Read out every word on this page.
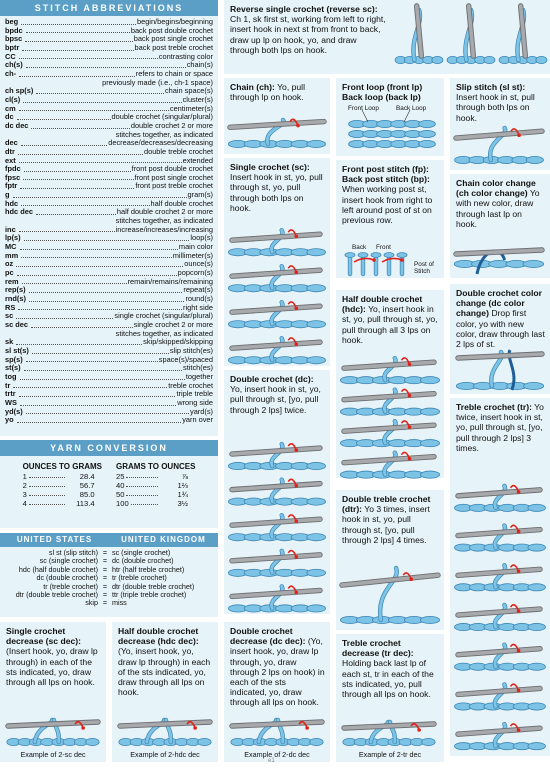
STITCH ABBREVIATIONS
beg	begin/begins/beginning
bpdc	back post double crochet
bpsc	back post single crochet
bptr	back post treble crochet
CC	contrasting color
ch(s)	chain(s)
ch-	refers to chain or space
previously made (i.e., ch-1 space)
ch sp(s)	chain space(s)
cl(s)	cluster(s)
cm	centimeter(s)
dc	double crochet (singular/plural)
dc dec	double crochet 2 or more
stitches together, as indicated
dec	decrease/decreases/decreasing
dtr	double treble crochet
ext	extended
fpdc	front post double crochet
fpsc	front post single crochet
fptr	front post treble crochet
g	gram(s)
hdc	half double crochet
hdc dec	half double crochet 2 or more
stitches together, as indicated
inc	increase/increases/increasing
lp(s)	loop(s)
MC	main color
mm	millimeter(s)
oz	ounce(s)
pc	popcorn(s)
rem	remain/remains/remaining
rep(s)	repeat(s)
rnd(s)	round(s)
RS	right side
sc	single crochet (singular/plural)
sc dec	single crochet 2 or more
stitches together, as indicated
sk	skip/skipped/skipping
sl st(s)	slip stitch(es)
sp(s)	space(s)/spaced
st(s)	stitch(es)
tog	together
tr	treble crochet
trtr	triple treble
WS	wrong side
yd(s)	yard(s)
yo	yarn over
YARN CONVERSION
OUNCES TO GRAMS
1	28.4
2	56.7
3	85.0
4	113.4
GRAMS TO OUNCES
25	⅞
40	1⅔
50	1¾
100	3½
UNITED STATES	UNITED KINGDOM
sl st (slip stitch) = sc (single crochet)
sc (single crochet) = dc (double crochet)
hdc (half double crochet) = htr (half treble crochet)
dc (double crochet) = tr (treble crochet)
tr (treble crochet) = dtr (double treble crochet)
dtr (double treble crochet) = ttr (triple treble crochet)
skip = miss
Reverse single crochet (reverse sc): Ch 1, sk first st, working from left to right, insert hook in next st from front to back, draw up lp on hook, yo, and draw through both lps on hook.
Chain (ch): Yo, pull through lp on hook.
Front loop (front lp) Back loop (back lp)
Front Loop	Back Loop
Slip stitch (sl st): Insert hook in st, pull through both lps on hook.
Single crochet (sc): Insert hook in st, yo, pull through st, yo, pull through both lps on hook.
Front post stitch (fp): Back post stitch (bp): When working post st, insert hook from right to left around post of st on previous row.
Back Front
Post of Stitch
Chain color change (ch color change) Yo with new color, draw through last lp on hook.
Half double crochet (hdc): Yo, insert hook in st, yo, pull through st, yo, pull through all 3 lps on hook.
Double crochet color change (dc color change) Drop first color, yo with new color, draw through last 2 lps of st.
Double crochet (dc): Yo, insert hook in st, yo, pull through st, [yo, pull through 2 lps] twice.	Treble crochet (tr): Yo twice, insert hook in st, yo, pull through st, [yo, pull through 2 lps] 3 times.
Double treble crochet (dtr): Yo 3 times, insert hook in st, yo, pull through st, [yo, pull through 2 lps] 4 times.
Single crochet decrease (sc dec): (Insert hook, yo, draw lp through) in each of the sts indicated, yo, draw through all lps on hook.
Example of 2-sc dec
Half double crochet decrease (hdc dec): (Yo, insert hook, yo, draw lp through) in each of the sts indicated, yo, draw through all lps on hook.
Example of 2-hdc dec
Double crochet decrease (dc dec): (Yo, insert hook, yo, draw lp through, yo, draw through 2 lps on hook) in each of the sts indicated, yo, draw through all lps on hook.
Example of 2-dc dec
Treble crochet decrease (tr dec): Holding back last lp of each st, tr in each of the sts indicated, yo, pull through all lps on hook.
Example of 2-tr dec
e1
